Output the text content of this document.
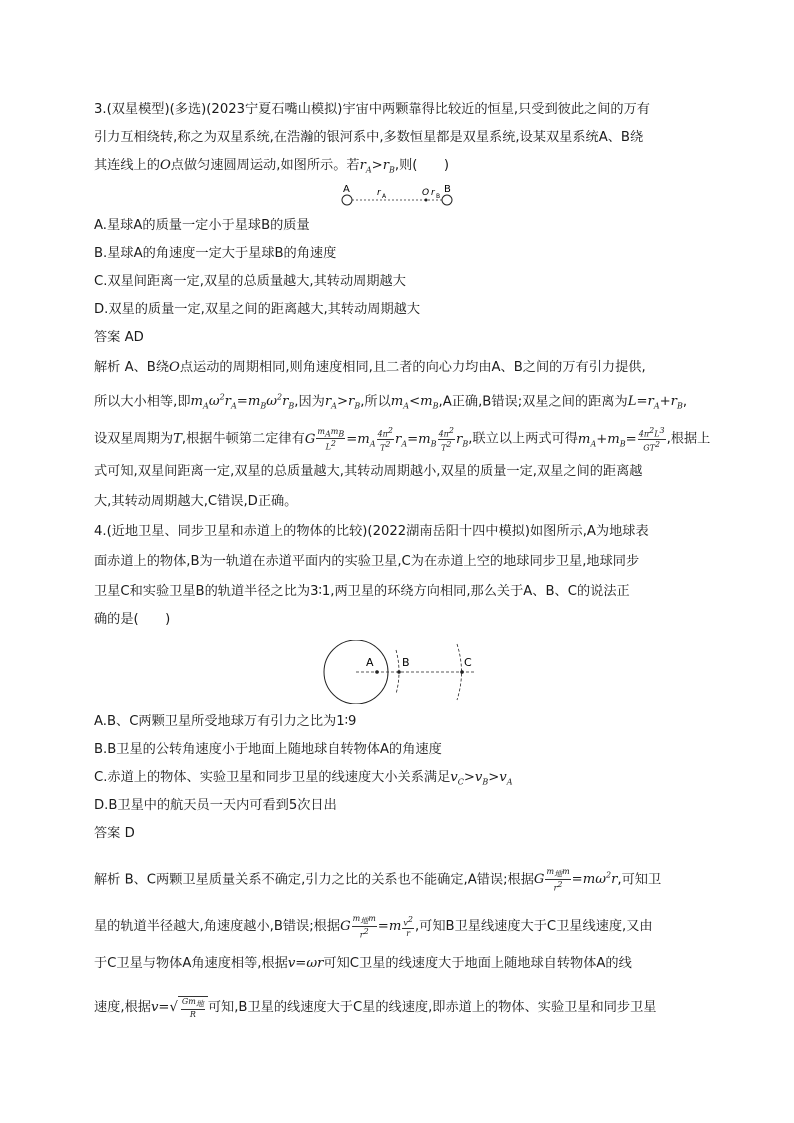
3.(双星模型)(多选)(2023宁夏石嘴山模拟)宇宙中两颗靠得比较近的恒星,只受到彼此之间的万有
引力互相绕转,称之为双星系统,在浩瀚的银河系中,多数恒星都是双星系统,设某双星系统A、B绕
其连线上的O点做匀速圆周运动,如图所示。若$r_A>r_B$,则(　　)
A	B
O
r A	r B
A.星球A的质量一定小于星球B的质量
B.星球A的角速度一定大于星球B的角速度
C.双星间距离一定,双星的总质量越大,其转动周期越大
D.双星的质量一定,双星之间的距离越大,其转动周期越大
答案 AD
解析 A、B绕O点运动的周期相同,则角速度相同,且二者的向心力均由A、B之间的万有引力提供,
所以大小相等,即$m_A\omega^2r_A=m_B\omega^2r_B$,因为$r_A>r_B$,所以$m_A<m_B,A$正确,B错误;双星之间的距离为$L=r_A+r_B$,
设双星周期为T,根据牛顿第二定律有G $\frac{m_Am_B}{L^2} =m_A \frac{4\pi^2}{T^2} r_A=m_B \frac{4\pi^2}{T^2} r_B$,联立以上两式可得$m_A+m_B= \frac{4\pi^2L^3}{GT^2}$ ,根据上
式可知,双星间距离一定,双星的总质量越大,其转动周期越小,双星的质量一定,双星之间的距离越
大,其转动周期越大,C错误,D正确。
4.(近地卫星、同步卫星和赤道上的物体的比较)(2022湖南岳阳十四中模拟)如图所示,A为地球表
面赤道上的物体,B为一轨道在赤道平面内的实验卫星,C为在赤道上空的地球同步卫星,地球同步
卫星C和实验卫星B的轨道半径之比为3∶1,两卫星的环绕方向相同,那么关于A、B、C的说法正
确的是(　　)
A	B	C
A.B、C两颗卫星所受地球万有引力之比为1∶9
B.B卫星的公转角速度小于地面上随地球自转物体A的角速度
C.赤道上的物体、实验卫星和同步卫星的线速度大小关系满足$v_C>v_B>v_A$
D.B卫星中的航天员一天内可看到5次日出
答案 D
解析 B、C两颗卫星质量关系不确定,引力之比的关系也不能确定,A错误;根据G $\frac{m_地m}{r^2} =m\omega^2r$,可知卫
星的轨道半径越大,角速度越小,B错误;根据G $\frac{m_地m}{r^2} =m \frac{v^2}{r}$ ,可知B卫星线速度大于C卫星线速度,又由
于C卫星与物体A角速度相等,根据v=ωr可知C卫星的线速度大于地面上随地球自转物体A的线
速度,根据$v=√ \frac{Gm_地}{R}$ 可知,B卫星的线速度大于C星的线速度,即赤道上的物体、实验卫星和同步卫星
